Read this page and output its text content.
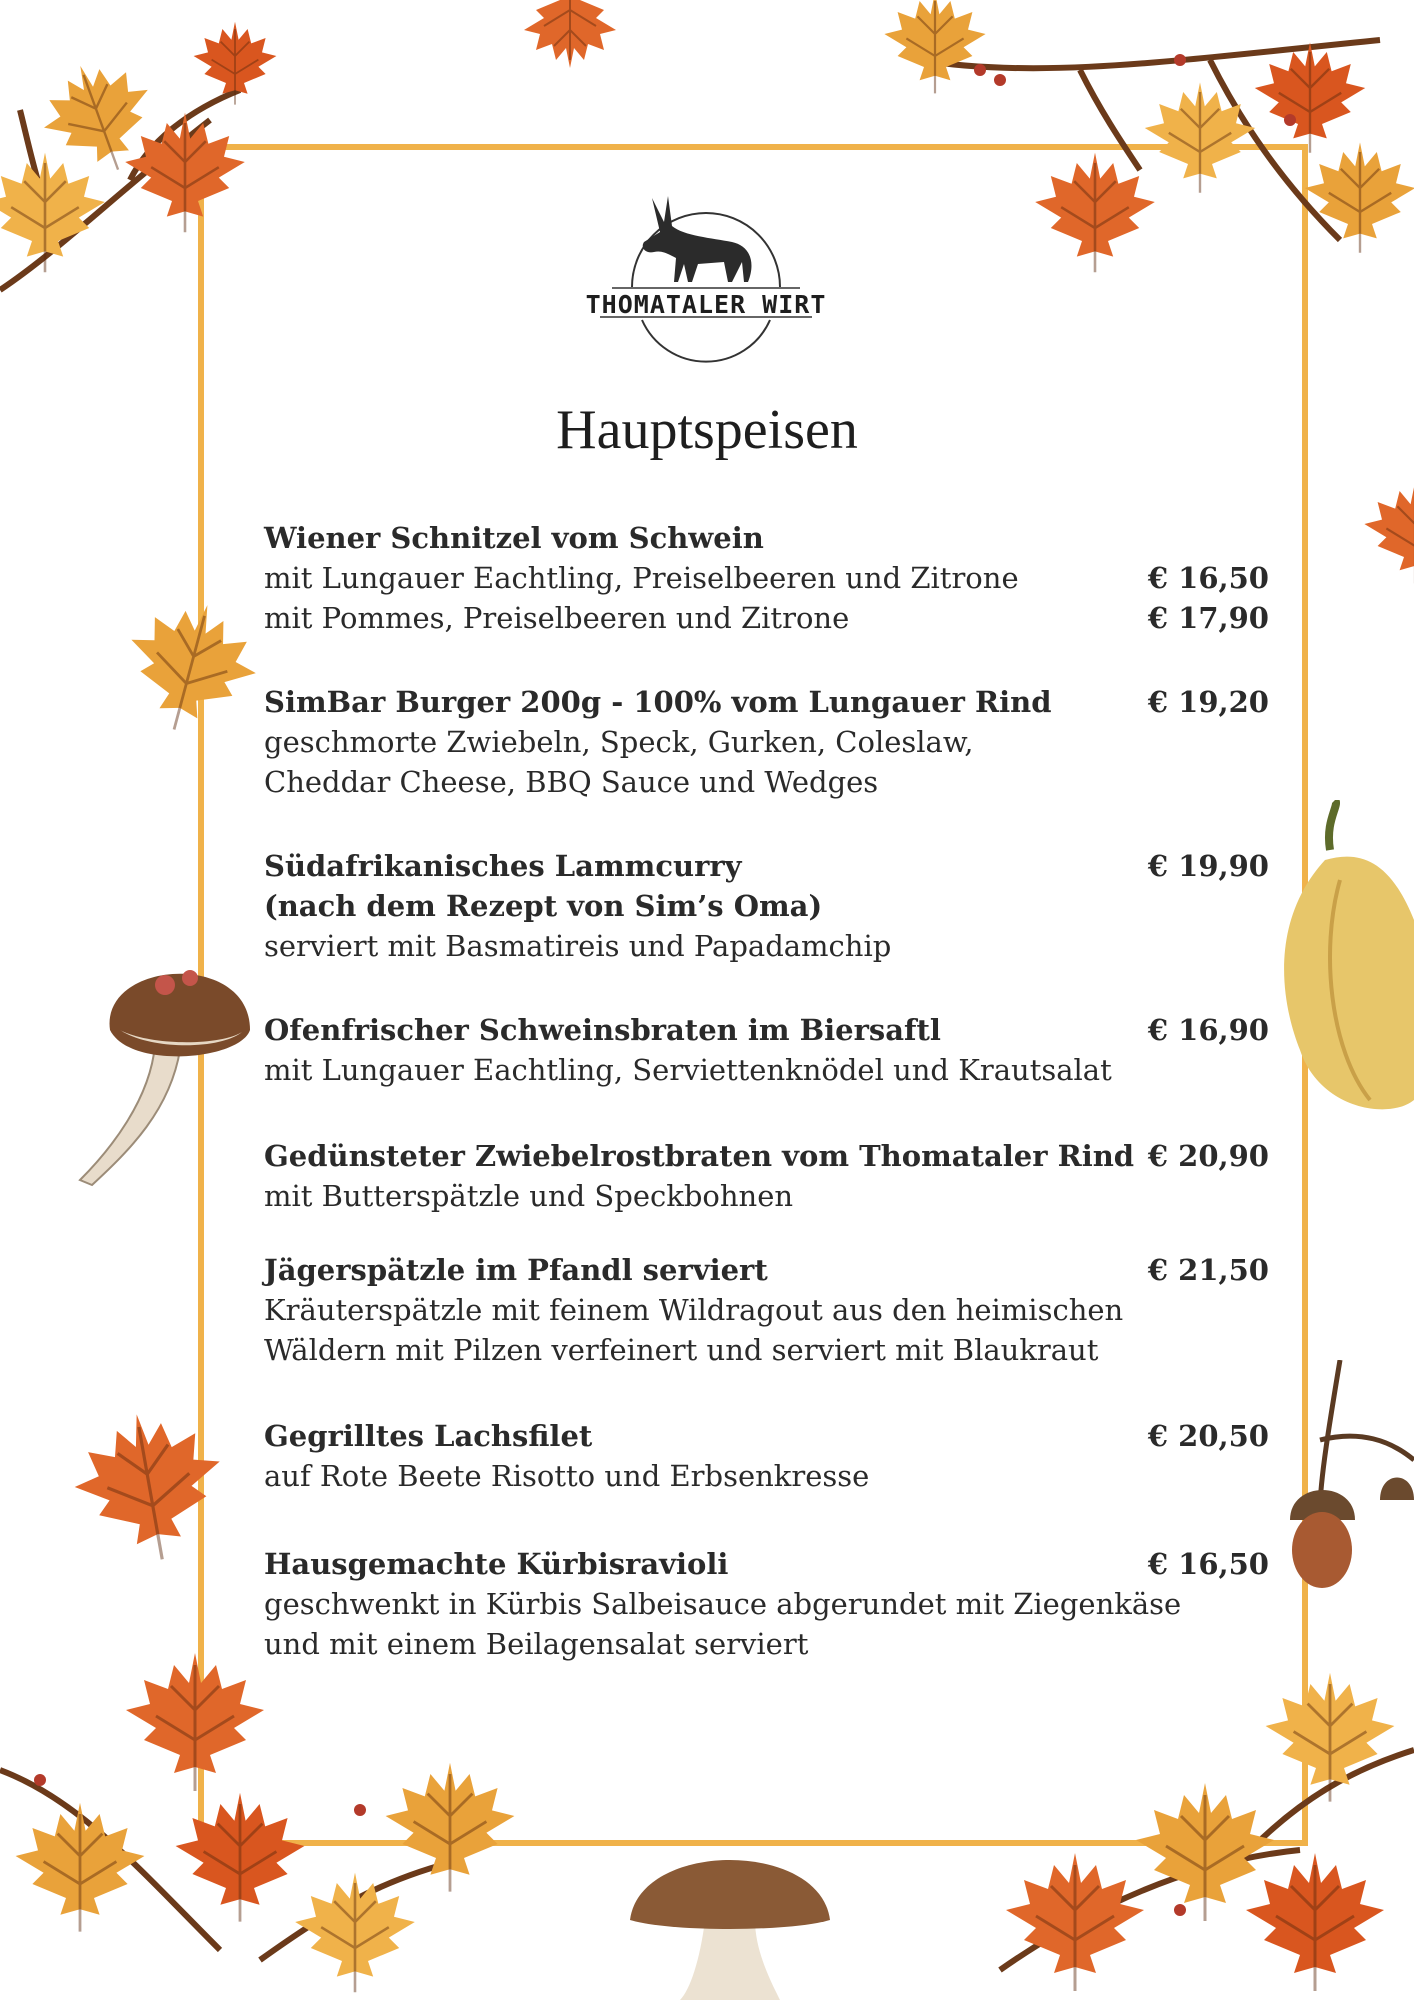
THOMATALER WIRT
Hauptspeisen
Wiener Schnitzel vom Schwein
mit Lungauer Eachtling, Preiselbeeren und Zitrone	€ 16,50
mit Pommes, Preiselbeeren und Zitrone	€ 17,90
SimBar Burger 200g - 100% vom Lungauer Rind	€ 19,20
geschmorte Zwiebeln, Speck, Gurken, Coleslaw,
Cheddar Cheese, BBQ Sauce und Wedges
Südafrikanisches Lammcurry	€ 19,90
(nach dem Rezept von Sim’s Oma)
serviert mit Basmatireis und Papadamchip
Ofenfrischer Schweinsbraten im Biersaftl	€ 16,90
mit Lungauer Eachtling, Serviettenknödel und Krautsalat
Gedünsteter Zwiebelrostbraten vom Thomataler Rind € 20,90
mit Butterspätzle und Speckbohnen
Jägerspätzle im Pfandl serviert	€ 21,50
Kräuterspätzle mit feinem Wildragout aus den heimischen
Wäldern mit Pilzen verfeinert und serviert mit Blaukraut
Gegrilltes Lachsfilet	€ 20,50
auf Rote Beete Risotto und Erbsenkresse
Hausgemachte Kürbisravioli	€ 16,50
geschwenkt in Kürbis Salbeisauce abgerundet mit Ziegenkäse
und mit einem Beilagensalat serviert
